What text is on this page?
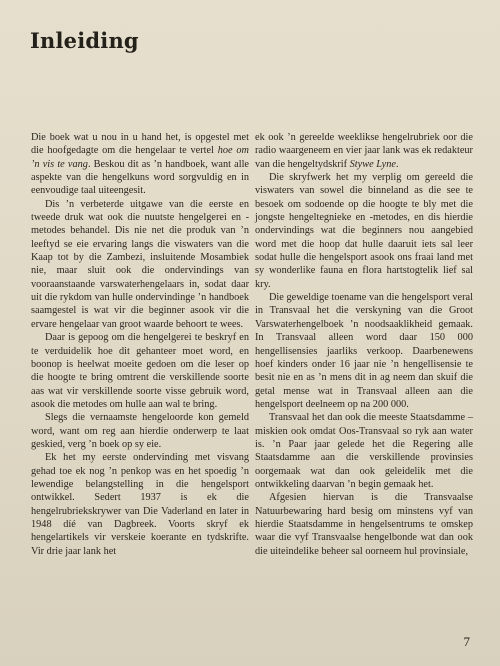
Inleiding

Die boek wat u nou in u hand het, is opgestel met die hoofgedagte om die hengelaar te vertel hoe om ’n vis te vang. Beskou dit as ’n handboek, want alle aspekte van die hengelkuns word sorgvuldig en in eenvoudige taal uiteengesit.

Dis ’n verbeterde uitgawe van die eerste en tweede druk wat ook die nuutste hengelgerei en -metodes behandel. Dis nie net die produk van ’n leeftyd se eie ervaring langs die viswaters van die Kaap tot by die Zambezi, insluitende Mosambiek nie, maar sluit ook die ondervindings van vooraanstaande varswaterhengelaars in, sodat daar uit die rykdom van hulle ondervindinge ’n handboek saamgestel is wat vir die beginner asook vir die ervare hengelaar van groot waarde behoort te wees.

Daar is gepoog om die hengelgerei te beskryf en te verduidelik hoe dit gehanteer moet word, en boonop is heelwat moeite gedoen om die leser op die hoogte te bring omtrent die verskillende soorte aas wat vir verskillende soorte visse gebruik word, asook die metodes om hulle aan wal te bring.

Slegs die vernaamste hengeloorde kon gemeld word, want om reg aan hierdie onderwerp te laat geskied, verg ’n boek op sy eie.

Ek het my eerste ondervinding met visvang gehad toe ek nog ’n penkop was en het spoedig ’n lewendige belangstelling in die hengelsport ontwikkel. Sedert 1937 is ek die hengelrubriekskrywer van Die Vaderland en later in 1948 díé van Dagbreek. Voorts skryf ek hengelartikels vir verskeie koerante en tydskrifte. Vir drie jaar lank het

ek ook ’n gereelde weeklikse hengelrubriek oor die radio waargeneem en vier jaar lank was ek redakteur van die hengeltydskrif Stywe Lyne.

Die skryfwerk het my verplig om gereeld die viswaters van sowel die binneland as die see te besoek om sodoende op die hoogte te bly met die jongste hengeltegnieke en -metodes, en dis hierdie ondervindings wat die beginners nou aangebied word met die hoop dat hulle daaruit iets sal leer sodat hulle die hengelsport asook ons fraai land met sy wonderlike fauna en flora hartstogtelik lief sal kry.

Die geweldige toename van die hengelsport veral in Transvaal het die verskyning van die Groot Varswaterhengelboek ’n noodsaaklikheid gemaak. In Transvaal alleen word daar 150 000 hengellisensies jaarliks verkoop. Daarbenewens hoef kinders onder 16 jaar nie ’n hengellisensie te besit nie en as ’n mens dit in ag neem dan skuif die getal mense wat in Transvaal alleen aan die hengelsport deelneem op na 200 000.

Transvaal het dan ook die meeste Staatsdamme – miskien ook omdat Oos-Transvaal so ryk aan water is. ’n Paar jaar gelede het die Regering alle Staatsdamme aan die verskillende provinsies oorgemaak wat dan ook geleidelik met die ontwikkeling daarvan ’n begin gemaak het.

Afgesien hiervan is die Transvaalse Natuurbewaring hard besig om minstens vyf van hierdie Staatsdamme in hengelsentrums te omskep waar die vyf Transvaalse hengelbonde wat dan ook die uiteindelike beheer sal oorneem hul provinsiale,

7
